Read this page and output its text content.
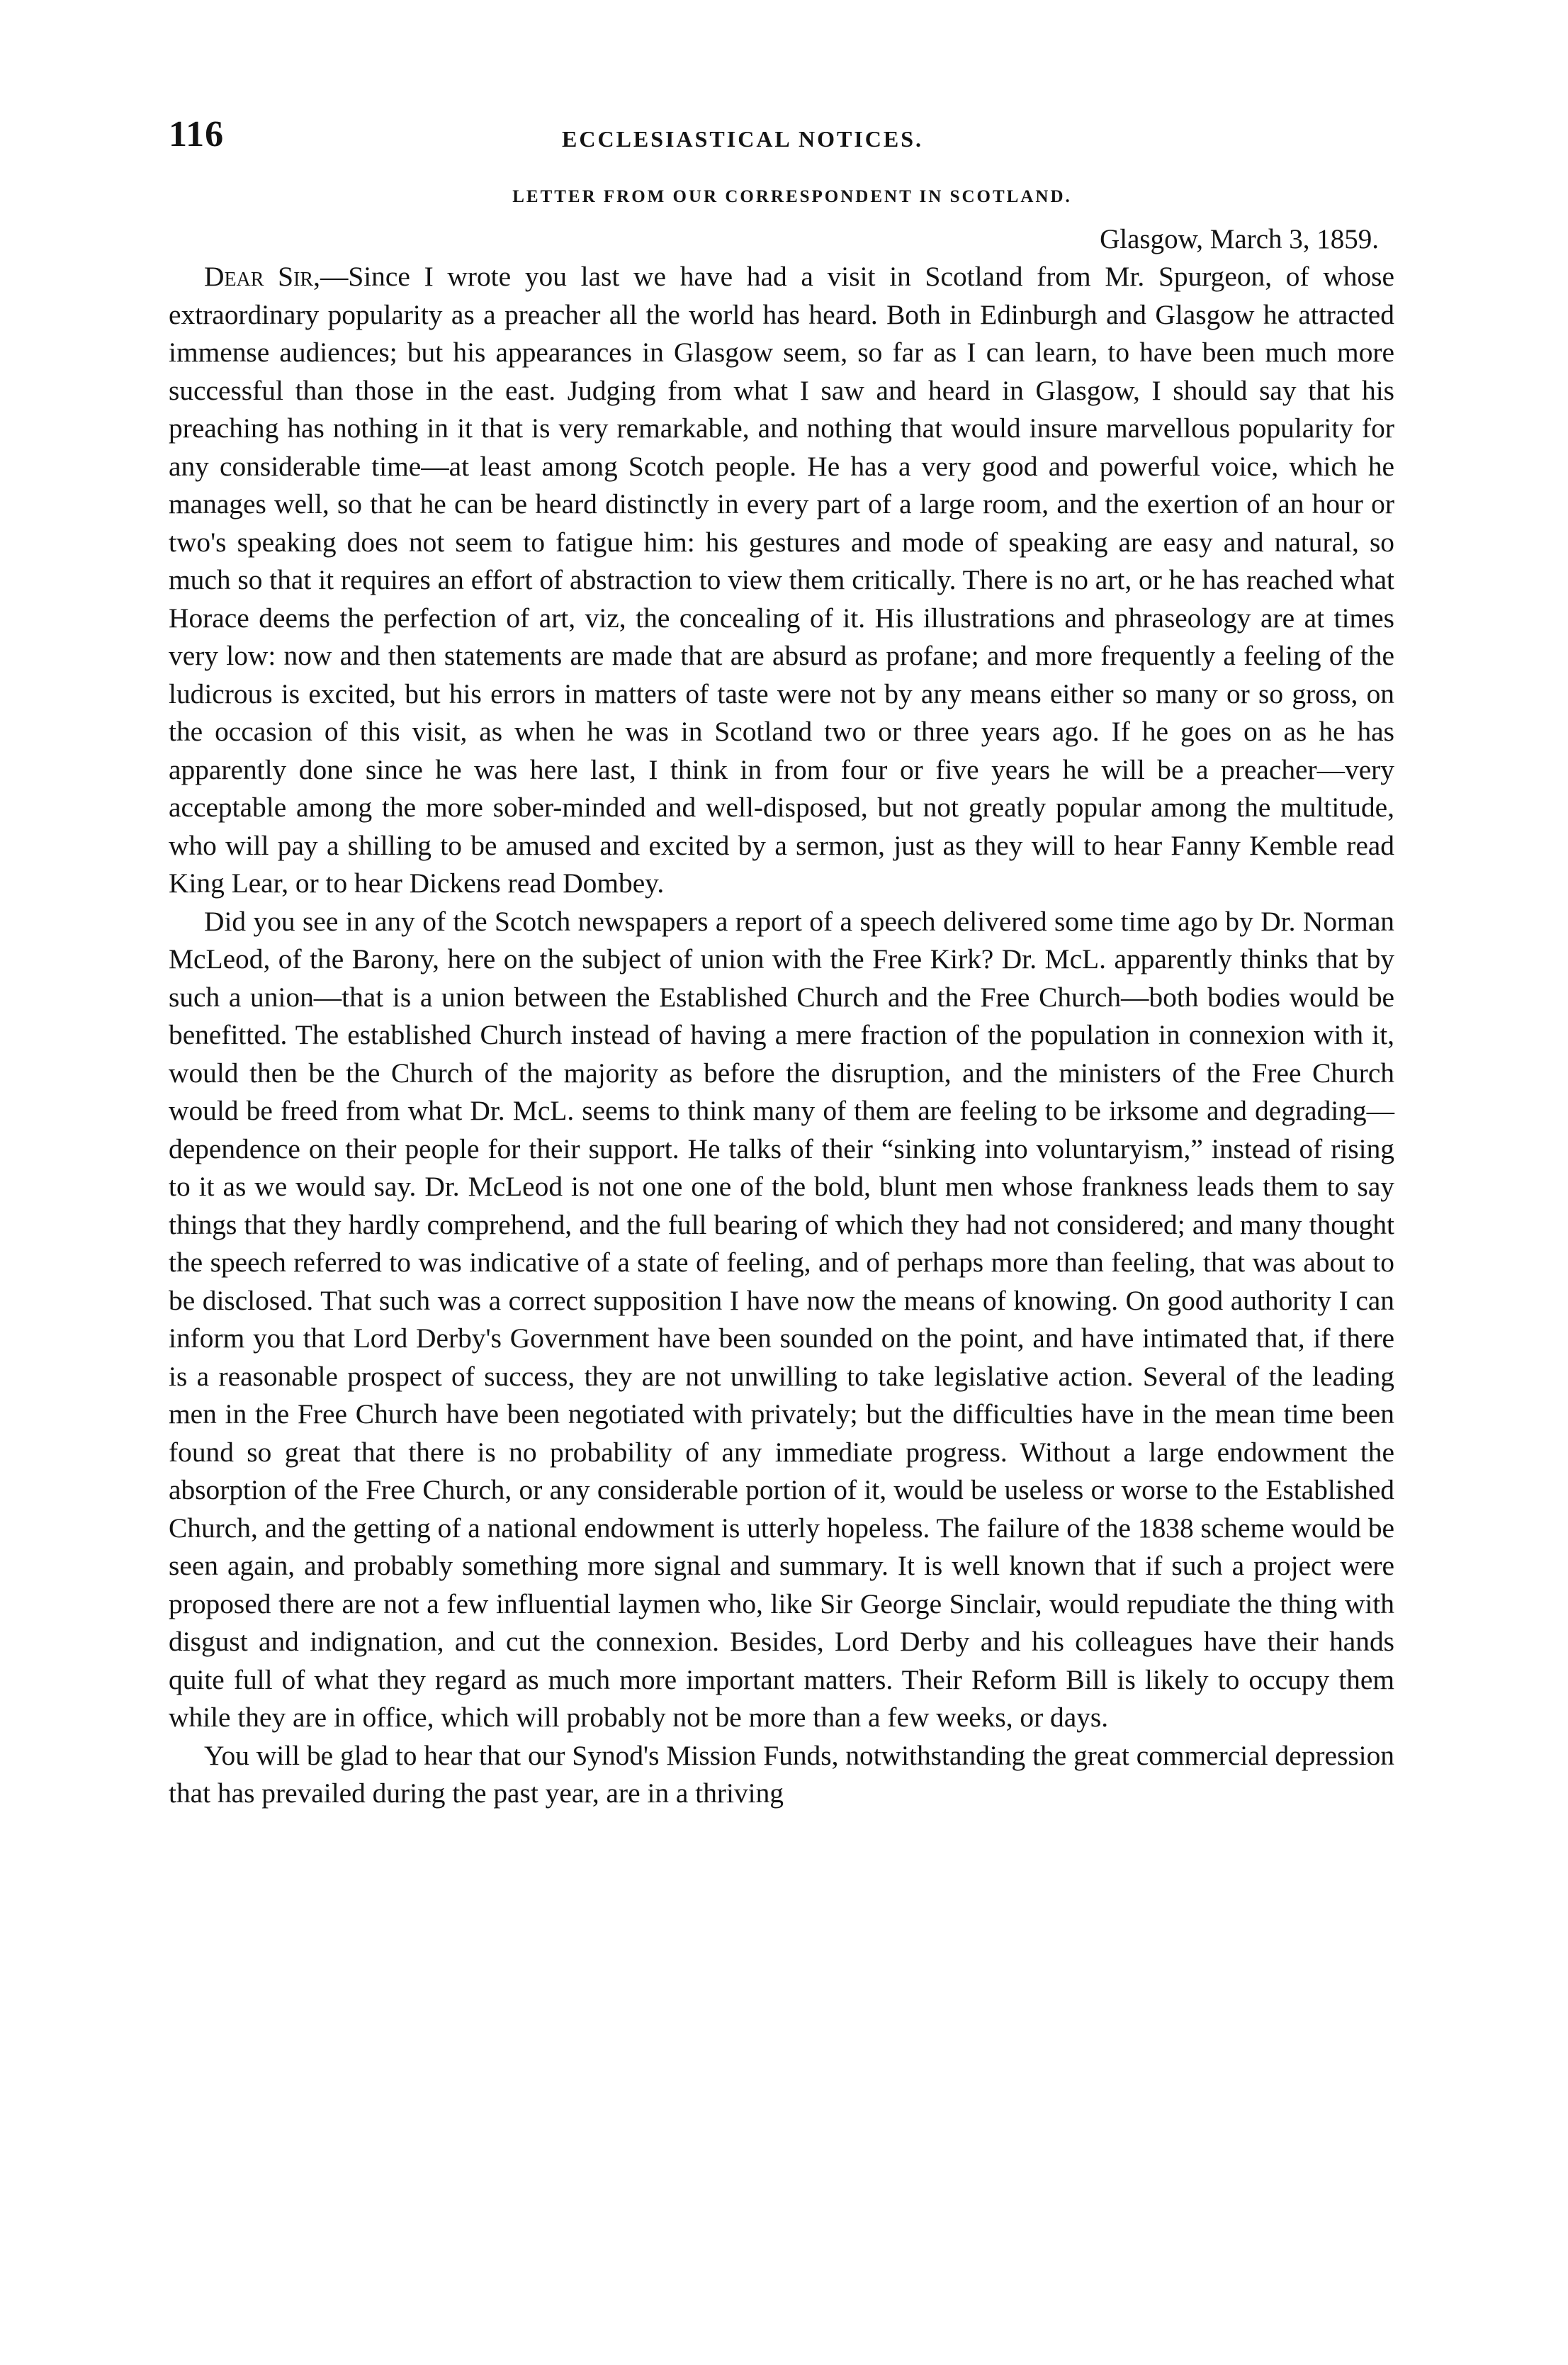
116	ECCLESIASTICAL NOTICES.
LETTER FROM OUR CORRESPONDENT IN SCOTLAND.
Glasgow, March 3, 1859.

Dear Sir,—Since I wrote you last we have had a visit in Scotland from Mr. Spurgeon, of whose extraordinary popularity as a preacher all the world has heard. Both in Edinburgh and Glasgow he attracted immense audiences; but his appearances in Glasgow seem, so far as I can learn, to have been much more successful than those in the east. Judging from what I saw and heard in Glasgow, I should say that his preaching has nothing in it that is very remarkable, and nothing that would insure marvellous popularity for any considerable time—at least among Scotch people. He has a very good and powerful voice, which he manages well, so that he can be heard distinctly in every part of a large room, and the exertion of an hour or two's speaking does not seem to fatigue him: his gestures and mode of speaking are easy and natural, so much so that it requires an effort of abstraction to view them critically. There is no art, or he has reached what Horace deems the perfection of art, viz, the concealing of it. His illustrations and phraseology are at times very low: now and then statements are made that are absurd as profane; and more frequently a feeling of the ludicrous is excited, but his errors in matters of taste were not by any means either so many or so gross, on the occasion of this visit, as when he was in Scotland two or three years ago. If he goes on as he has apparently done since he was here last, I think in from four or five years he will be a preacher—very acceptable among the more sober-minded and well-disposed, but not greatly popular among the multitude, who will pay a shilling to be amused and excited by a sermon, just as they will to hear Fanny Kemble read King Lear, or to hear Dickens read Dombey.

Did you see in any of the Scotch newspapers a report of a speech delivered some time ago by Dr. Norman McLeod, of the Barony, here on the subject of union with the Free Kirk? Dr. McL. apparently thinks that by such a union—that is a union between the Established Church and the Free Church—both bodies would be benefitted. The established Church instead of having a mere fraction of the population in connexion with it, would then be the Church of the majority as before the disruption, and the ministers of the Free Church would be freed from what Dr. McL. seems to think many of them are feeling to be irksome and degrading—dependence on their people for their support. He talks of their “sinking into voluntaryism,” instead of rising to it as we would say. Dr. McLeod is not one one of the bold, blunt men whose frankness leads them to say things that they hardly comprehend, and the full bearing of which they had not considered; and many thought the speech referred to was indicative of a state of feeling, and of perhaps more than feeling, that was about to be disclosed. That such was a correct supposition I have now the means of knowing. On good authority I can inform you that Lord Derby's Government have been sounded on the point, and have intimated that, if there is a reasonable prospect of success, they are not unwilling to take legislative action. Several of the leading men in the Free Church have been negotiated with privately; but the difficulties have in the mean time been found so great that there is no probability of any immediate progress. Without a large endowment the absorption of the Free Church, or any considerable portion of it, would be useless or worse to the Established Church, and the getting of a national endowment is utterly hopeless. The failure of the 1838 scheme would be seen again, and probably something more signal and summary. It is well known that if such a project were proposed there are not a few influential laymen who, like Sir George Sinclair, would repudiate the thing with disgust and indignation, and cut the connexion. Besides, Lord Derby and his colleagues have their hands quite full of what they regard as much more important matters. Their Reform Bill is likely to occupy them while they are in office, which will probably not be more than a few weeks, or days.

You will be glad to hear that our Synod's Mission Funds, notwithstanding the great commercial depression that has prevailed during the past year, are in a thriving
